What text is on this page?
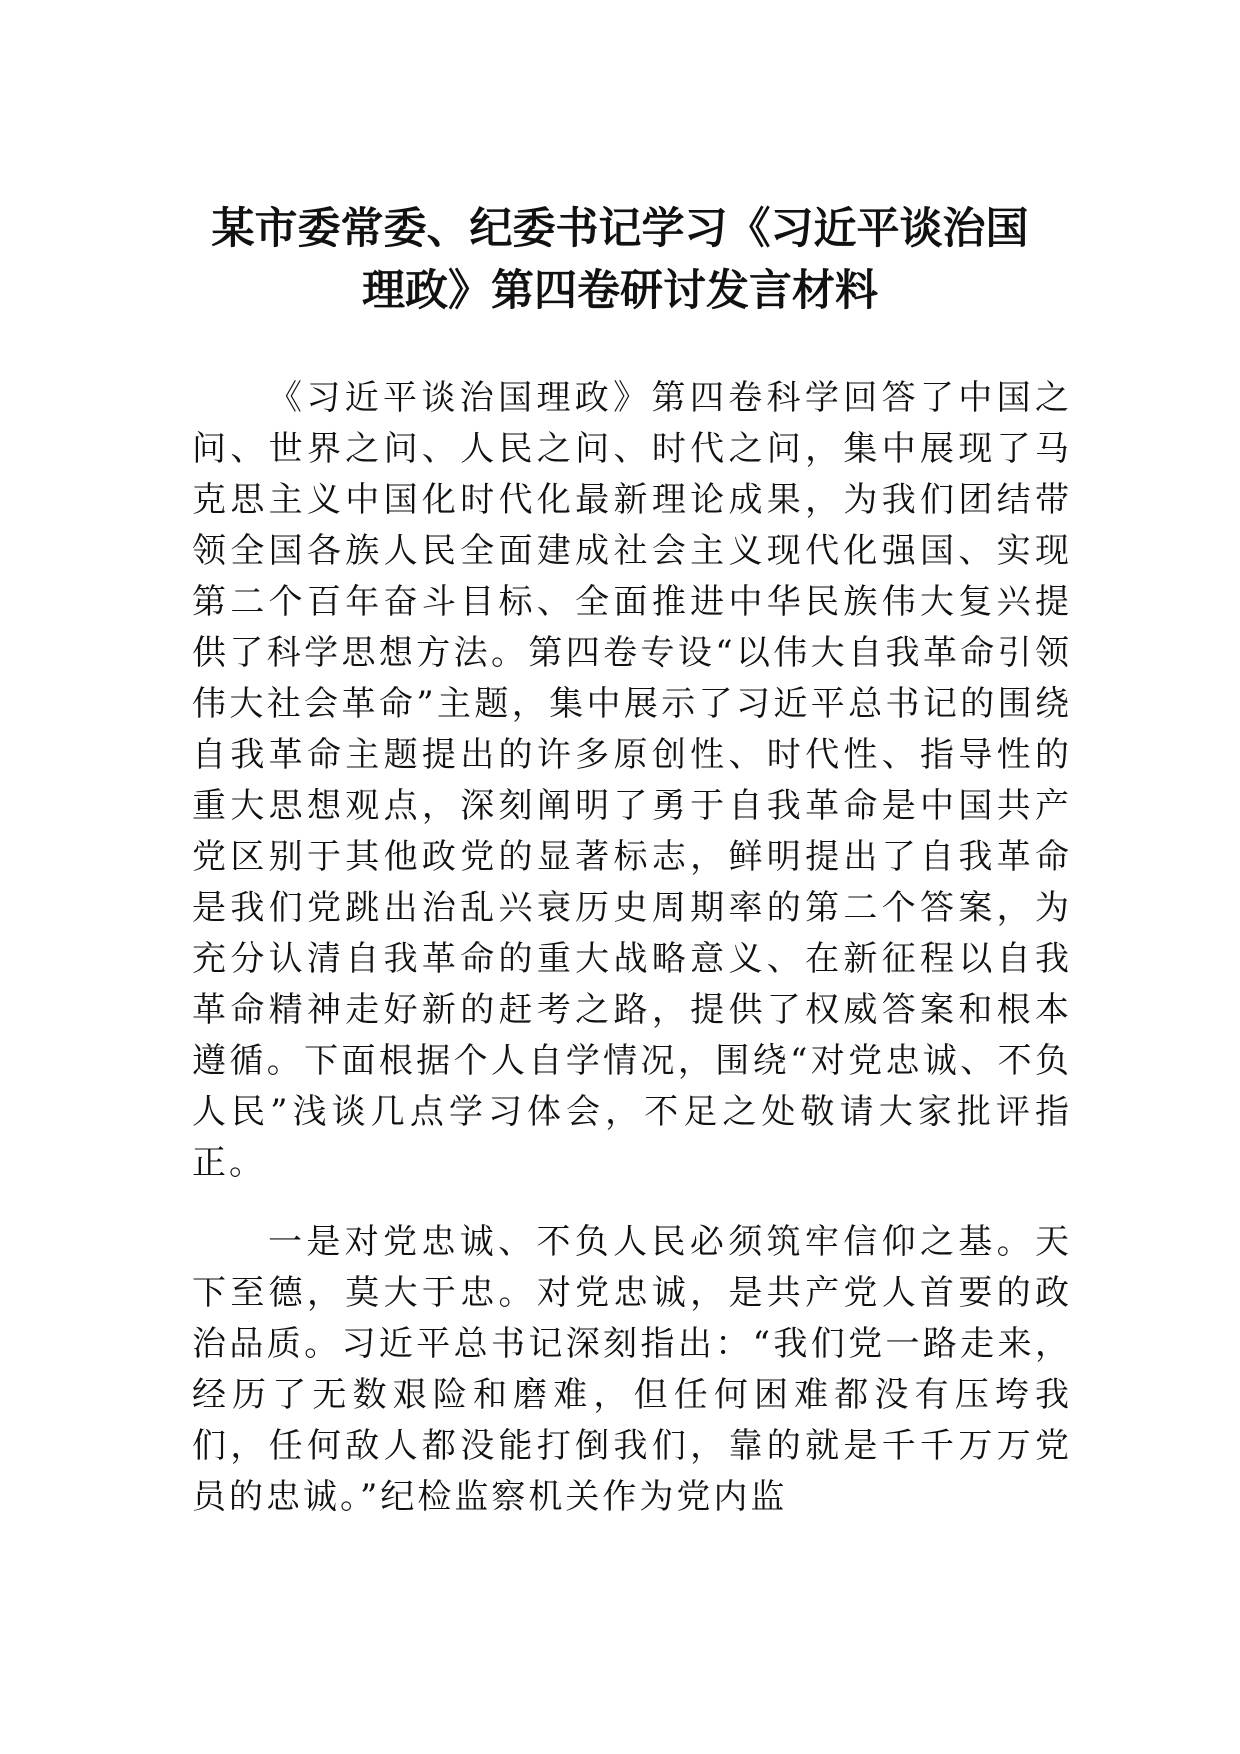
某市委常委、纪委书记学习《习近平谈治国
理政》第四卷研讨发言材料

《习近平谈治国理政》第四卷科学回答了中国之问、世界之问、人民之问、时代之问，集中展现了马克思主义中国化时代化最新理论成果，为我们团结带领全国各族人民全面建成社会主义现代化强国、实现第二个百年奋斗目标、全面推进中华民族伟大复兴提供了科学思想方法。第四卷专设“以伟大自我革命引领伟大社会革命”主题，集中展示了习近平总书记的围绕自我革命主题提出的许多原创性、时代性、指导性的重大思想观点，深刻阐明了勇于自我革命是中国共产党区别于其他政党的显著标志，鲜明提出了自我革命是我们党跳出治乱兴衰历史周期率的第二个答案，为充分认清自我革命的重大战略意义、在新征程以自我革命精神走好新的赶考之路，提供了权威答案和根本遵循。下面根据个人自学情况，围绕“对党忠诚、不负人民”浅谈几点学习体会，不足之处敬请大家批评指正。

一是对党忠诚、不负人民必须筑牢信仰之基。天下至德，莫大于忠。对党忠诚，是共产党人首要的政治品质。习近平总书记深刻指出：“我们党一路走来，经历了无数艰险和磨难，但任何困难都没有压垮我们，任何敌人都没能打倒我们，靠的就是千千万万党员的忠诚。”纪检监察机关作为党内监
